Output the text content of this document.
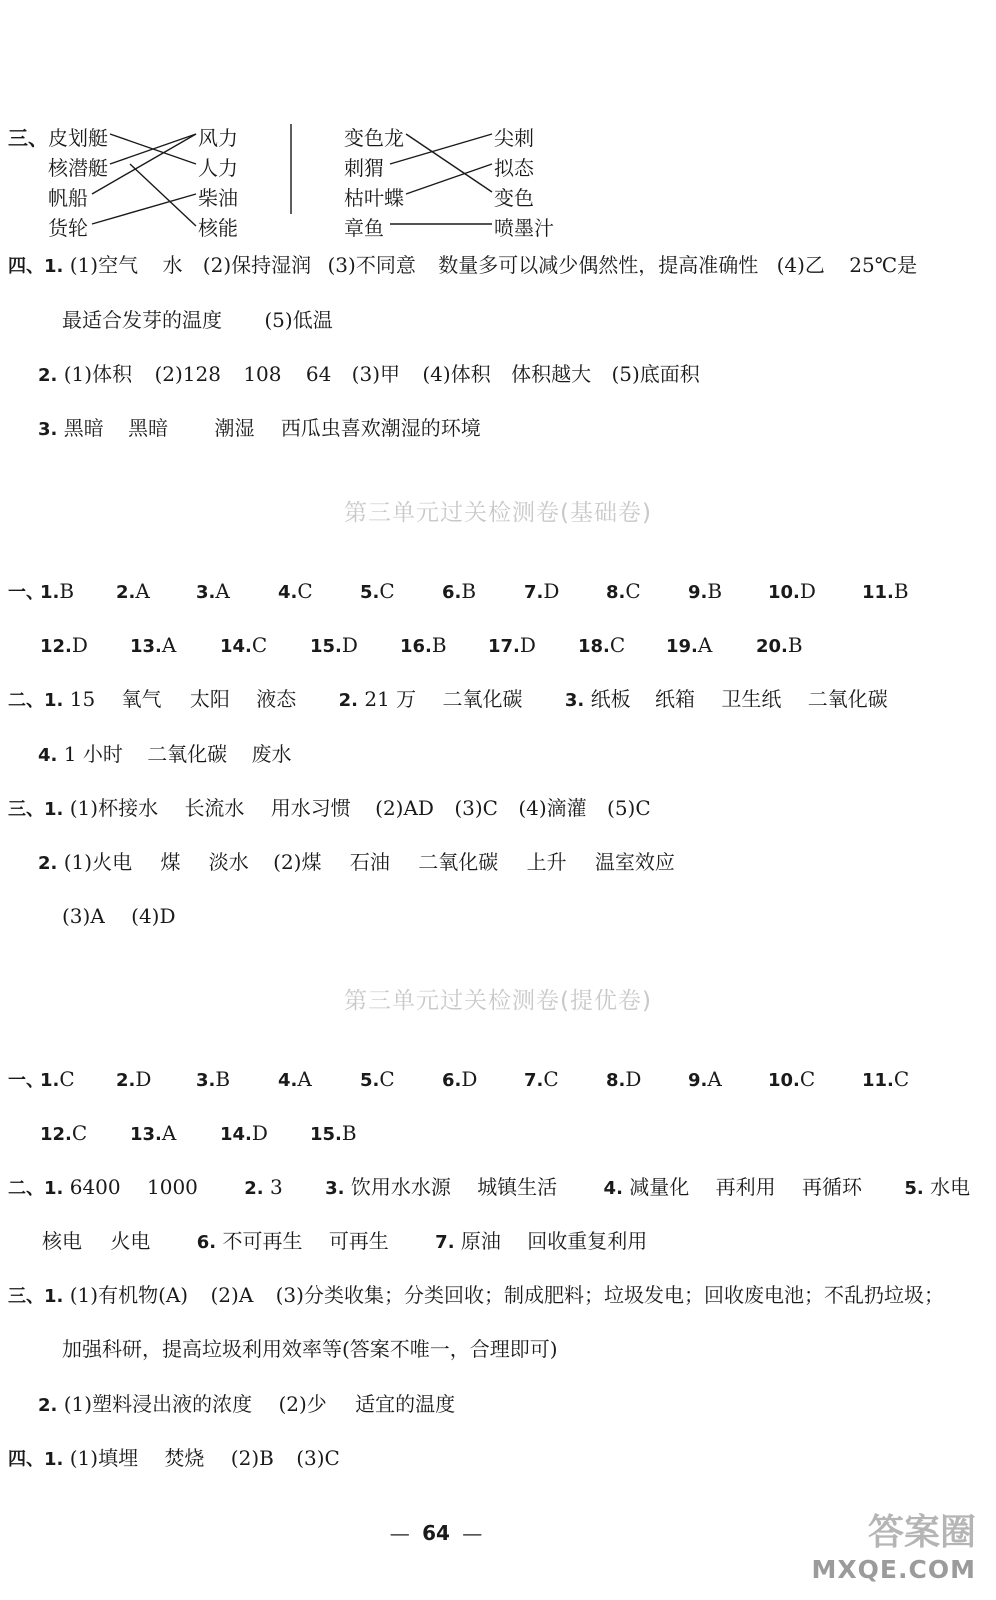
三、 皮划艇
核潜艇
帆船
货轮
风力
人力
柴油
核能
变色龙
刺猬
枯叶蝶
章鱼
尖刺
拟态
变色
喷墨汁
四、1. (1)空气 水 (2)保持湿润 (3)不同意 数量多可以减少偶然性，提高准确性 (4)乙 25℃是
最适合发芽的温度 (5)低温
2. (1)体积 (2)128 108 64 (3)甲 (4)体积 体积越大 (5)底面积
3. 黑暗 黑暗 潮湿 西瓜虫喜欢潮湿的环境
第三单元过关检测卷(基础卷)
一、
1.B 2.A	3.A	4.C	5.C	6.B	7.D	8.C	9.B	10.D	11.B
12.D 13.A 14.C 15.D 16.B 17.D 18.C 19.A 20.B
二、1. 15 氧气 太阳 液态 2. 21 万 二氧化碳 3. 纸板 纸箱 卫生纸 二氧化碳
4. 1 小时 二氧化碳 废水
三、1. (1)杯接水 长流水 用水习惯 (2)AD (3)C (4)滴灌 (5)C
2. (1)火电 煤 淡水 (2)煤 石油 二氧化碳 上升 温室效应
(3)A (4)D
第三单元过关检测卷(提优卷)
一、
1.C 2.D 3.B	4.A	5.C	6.D	7.C	8.D	9.A	10.C	11.C
12.C 13.A 14.D 15.B
二、1. 6400 1000	2. 3 3. 饮用水水源 城镇生活	4. 减量化 再利用 再循环 5. 水电
核电 火电	6. 不可再生 可再生	7. 原油 回收重复利用
三、1. (1)有机物(A) (2)A (3)分类收集；分类回收；制成肥料；垃圾发电；回收废电池；不乱扔垃圾；
加强科研，提高垃圾利用效率等(答案不唯一，合理即可)
2. (1)塑料浸出液的浓度 (2)少 适宜的温度
四、1. (1)填埋 焚烧 (2)B (3)C
— 64 —	答案圈
MXQE.COM
